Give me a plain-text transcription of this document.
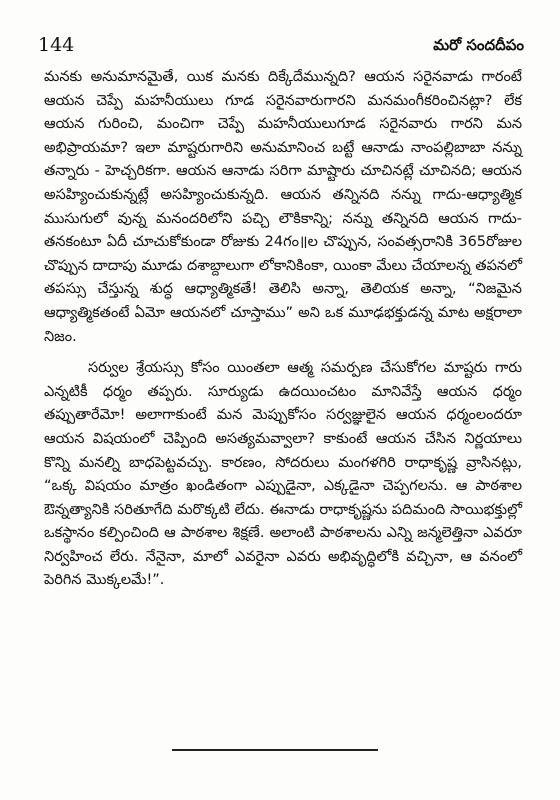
144	మరో సందదీపం

మనకు అనుమానమైతే, యిక మనకు దిక్కేదేమున్నది? ఆయన సరైనవాడు గారంటే ఆయన చెప్పే మహనీయులు గూడ సరైనవారుగారని మనమంగీకరించినట్లా? లేక ఆయన గురించి, మంచిగా చెప్పే మహనీయులుగూడ సరైనవారు గారని మన అభిప్రాయమా? ఇలా మాష్టరుగారిని అనుమానించ బట్టే ఆనాడు నాంపల్లిబాబా నన్ను తన్నారు - హెచ్చరికగా. ఆయన ఆనాడు సరిగా మాష్టారు చూచినట్లే చూచినది; ఆయన అసహ్యించుకున్నట్లే అసహ్యించుకున్నది. ఆయన తన్నినది నన్ను గాదు-ఆధ్యాత్మిక ముసుగులో వున్న మనందరిలోని పచ్చి లౌకికాన్ని; నన్ను తన్నినది ఆయన గాదు-తనకంటూ ఏదీ చూచుకోకుండా రోజుకు 24గం॥ల చొప్పున, సంవత్సరానికి 365రోజుల చొప్పున దాదాపు మూడు దశాబ్దాలుగా లోకానికింకా, యింకా మేలు చేయాలన్న తపనలో తపస్సు చేస్తున్న శుద్ధ ఆధ్యాత్మికతే! తెలిసి అన్నా, తెలియక అన్నా, “నిజమైన ఆధ్యాత్మికతంటే ఏమో ఆయనలో చూస్తాము” అని ఒక మూఢభక్తుడన్న మాట అక్షరాలా నిజం.

సర్వుల శ్రేయస్సు కోసం యింతలా ఆత్మ సమర్పణ చేసుకోగల మాష్టరు గారు ఎన్నటికీ ధర్మం తప్పరు. సూర్యుడు ఉదయించటం మానివేస్తే ఆయన ధర్మం తప్పుతారేమో! అలాగాకుంటే మన మెప్పుకోసం సర్వజ్ఞులైన ఆయన ధర్మంలందరూ ఆయన విషయంలో చెప్పింది అసత్యమవ్వాలా? కాకుంటే ఆయన చేసిన నిర్ణయాలు కొన్ని మనల్ని బాధపెట్టవచ్చు. కారణం, సోదరులు మంగళగిరి రాధాకృష్ణ వ్రాసినట్లు, “ఒక్క విషయం మాత్రం ఖండితంగా ఎప్పుడైనా, ఎక్కడైనా చెప్పగలను. ఆ పాఠశాల ఔన్నత్యానికి సరితూగేది మరొక్కటి లేదు. ఈనాడు రాధాకృష్ణను పదిమంది సాయిభక్తుల్లో ఒకస్థానం కల్పించింది ఆ పాఠశాల శిక్షణే. అలాంటి పాఠశాలను ఎన్ని జన్మలెత్తినా ఎవరూ నిర్వహించ లేరు. నేనైనా, మాలో ఎవరైనా ఎవరు అభివృద్ధిలోకి వచ్చినా, ఆ వనంలో పెరిగిన మొక్కలమే!”.
